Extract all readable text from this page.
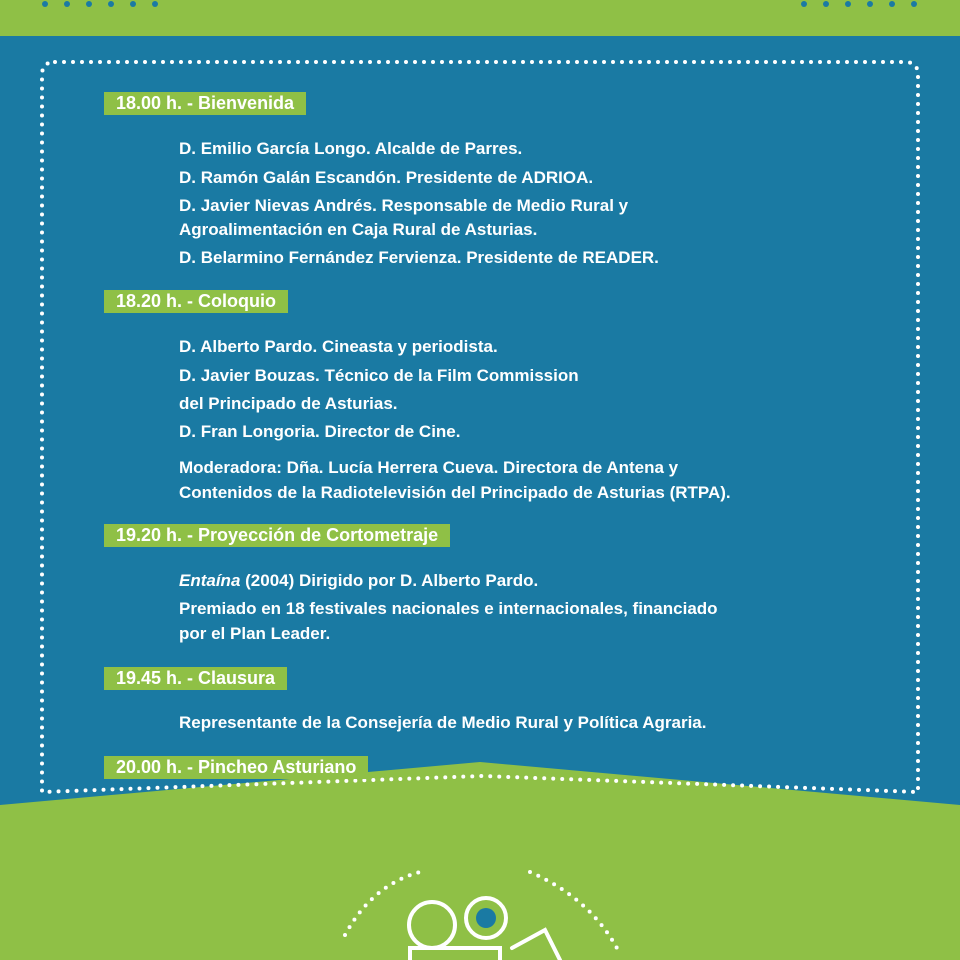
18.00 h. - Bienvenida
D. Emilio García Longo. Alcalde de Parres.
D. Ramón Galán Escandón. Presidente de ADRIOA.
D. Javier Nievas Andrés. Responsable de Medio Rural y
Agroalimentación en Caja Rural de Asturias.
D. Belarmino Fernández Fervienza. Presidente de READER.
18.20 h. - Coloquio
D. Alberto Pardo. Cineasta y periodista.
D. Javier Bouzas. Técnico de la Film Commission
del Principado de Asturias.
D. Fran Longoria. Director de Cine.
Moderadora: Dña. Lucía Herrera Cueva. Directora de Antena y
Contenidos de la Radiotelevisión del Principado de Asturias (RTPA).
19.20 h. - Proyección de Cortometraje
Entaína (2004) Dirigido por D. Alberto Pardo.
Premiado en 18 festivales nacionales e internacionales, financiado
por el Plan Leader.
19.45 h. - Clausura
Representante de la Consejería de Medio Rural y Política Agraria.
20.00 h. - Pincheo Asturiano
